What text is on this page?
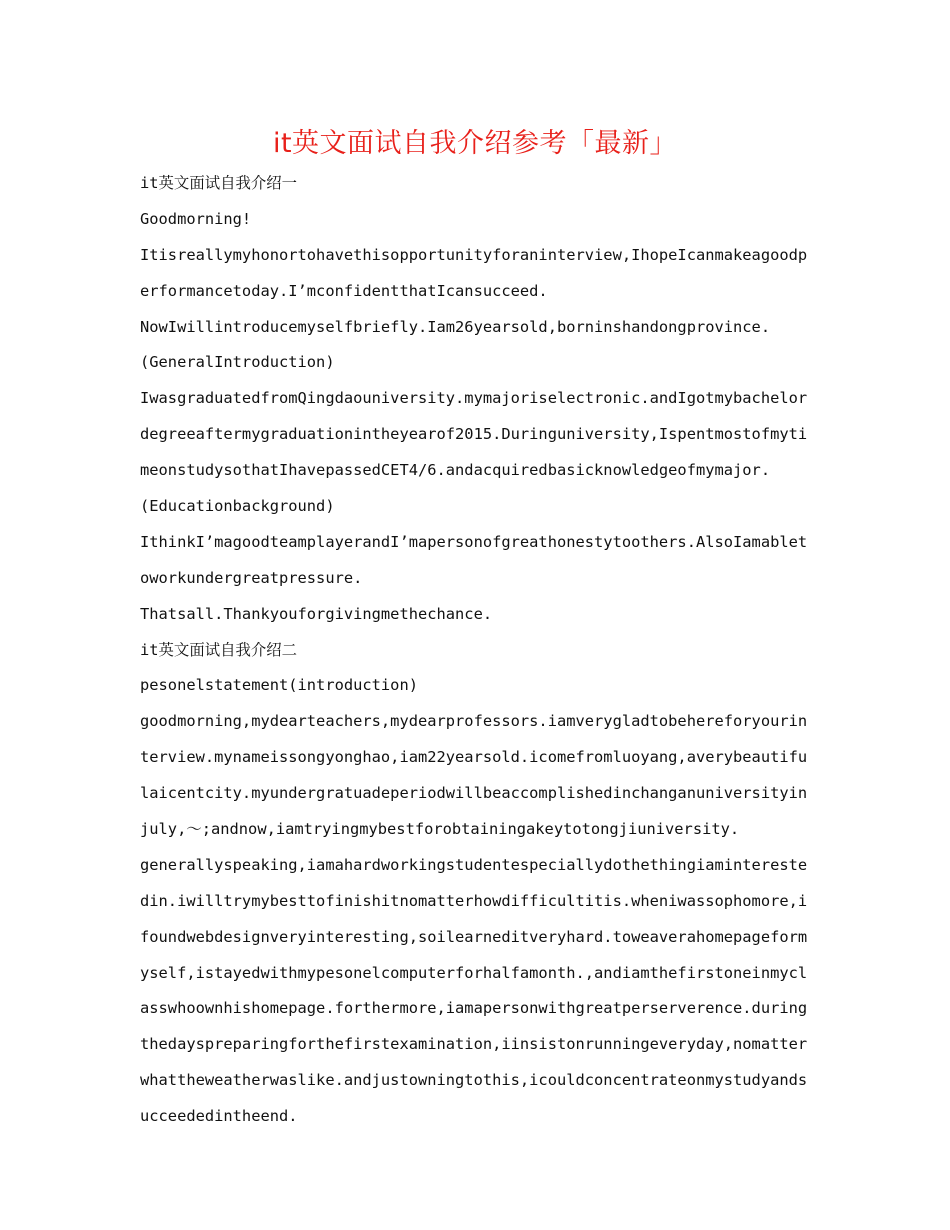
it英文面试自我介绍参考「最新」
it英文面试自我介绍一
Goodmorning!
Itisreallymyhonortohavethisopportunityforaninterview,IhopeIcanmakeagoodp
erformancetoday.I’mconfidentthatIcansucceed.
NowIwillintroducemyselfbriefly.Iam26yearsold,borninshandongprovince.
(GeneralIntroduction)
IwasgraduatedfromQingdaouniversity.mymajoriselectronic.andIgotmybachelor
degreeaftermygraduationintheyearof2015.Duringuniversity,Ispentmostofmyti
meonstudysothatIhavepassedCET4/6.andacquiredbasicknowledgeofmymajor.
(Educationbackground)
IthinkI’magoodteamplayerandI’mapersonofgreathonestytoothers.AlsoIamablet
oworkundergreatpressure.
Thatsall.Thankyouforgivingmethechance.
it英文面试自我介绍二
pesonelstatement(introduction)
goodmorning,mydearteachers,mydearprofessors.iamverygladtobehereforyourin
terview.mynameissongyonghao,iam22yearsold.icomefromluoyang,averybeautifu
laicentcity.myundergratuadeperiodwillbeaccomplishedinchanganuniversityin
july,～;andnow,iamtryingmybestforobtainingakeytotongjiuniversity.
generallyspeaking,iamahardworkingstudentespeciallydothethingiamintereste
din.iwilltrymybesttofinishitnomatterhowdifficultitis.wheniwassophomore,i
foundwebdesignveryinteresting,soilearneditveryhard.toweaverahomepageform
yself,istayedwithmypesonelcomputerforhalfamonth.,andiamthefirstoneinmycl
asswhoownhishomepage.forthermore,iamapersonwithgreatperserverence.during
thedayspreparingforthefirstexamination,iinsistonrunningeveryday,nomatter
whattheweatherwaslike.andjustowningtothis,icouldconcentrateonmystudyands
ucceededintheend.
